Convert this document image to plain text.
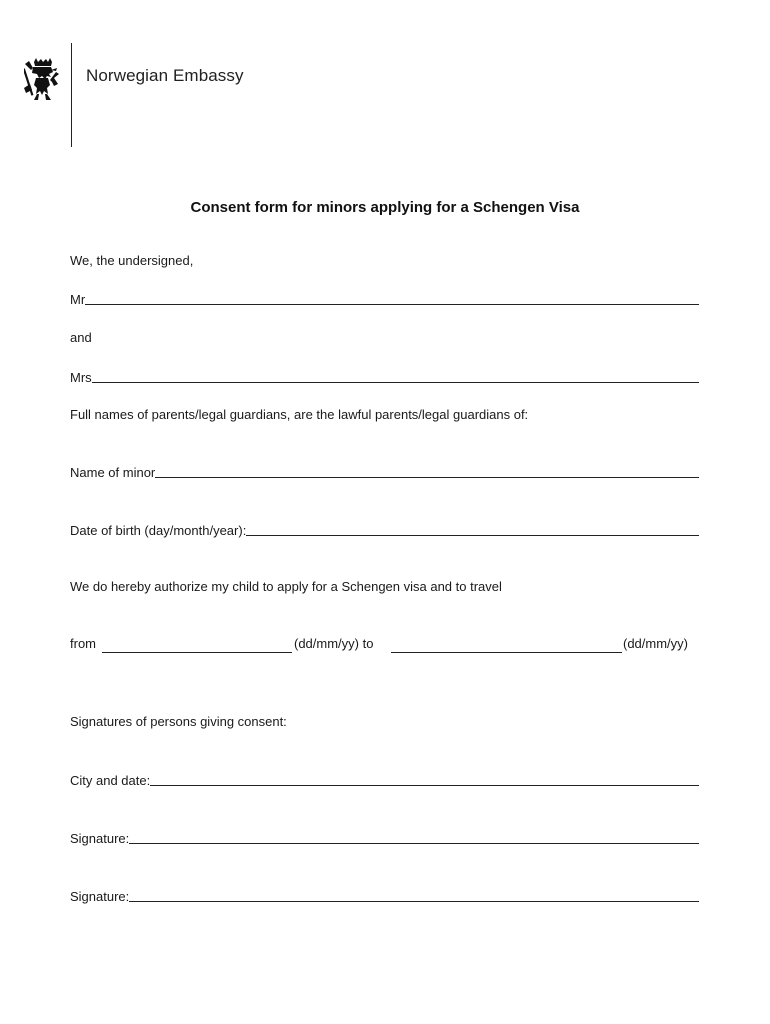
Norwegian Embassy
Consent form for minors applying for a Schengen Visa
We, the undersigned,
Mr
and
Mrs
Full names of parents/legal guardians, are the lawful parents/legal guardians of:
Name of minor
Date of birth (day/month/year):
We do hereby authorize my child to apply for a Schengen visa and to travel
from	(dd/mm/yy) to	(dd/mm/yy)
Signatures of persons giving consent:
City and date:
Signature:
Signature:
